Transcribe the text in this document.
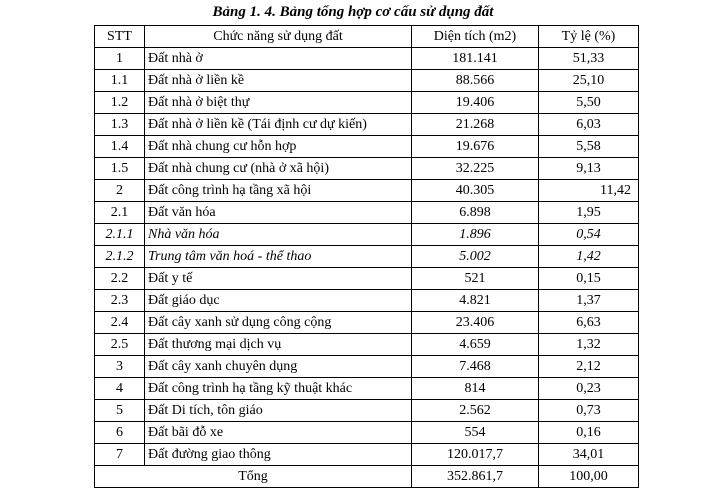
Bảng 1. 4. Bảng tổng hợp cơ cấu sử dụng đất
STT	Chức năng sử dụng đất	Diện tích (m2)	Tỷ lệ (%)
1	Đất nhà ở	181.141	51,33
1.1	Đất nhà ở liền kề	88.566	25,10
1.2	Đất nhà ở biệt thự	19.406	5,50
1.3	Đất nhà ở liền kề (Tái định cư dự kiến)	21.268	6,03
1.4	Đất nhà chung cư hỗn hợp	19.676	5,58
1.5	Đất nhà chung cư (nhà ở xã hội)	32.225	9,13
2	Đất công trình hạ tầng xã hội	40.305	11,42
2.1	Đất văn hóa	6.898	1,95
2.1.1	Nhà văn hóa	1.896	0,54
2.1.2	Trung tâm văn hoá - thể thao	5.002	1,42
2.2	Đất y tế	521	0,15
2.3	Đất giáo dục	4.821	1,37
2.4	Đất cây xanh sử dụng công cộng	23.406	6,63
2.5	Đất thương mại dịch vụ	4.659	1,32
3	Đất cây xanh chuyên dụng	7.468	2,12
4	Đất công trình hạ tầng kỹ thuật khác	814	0,23
5	Đất Di tích, tôn giáo	2.562	0,73
6	Đất bãi đỗ xe	554	0,16
7	Đất đường giao thông	120.017,7	34,01
Tổng		352.861,7	100,00
